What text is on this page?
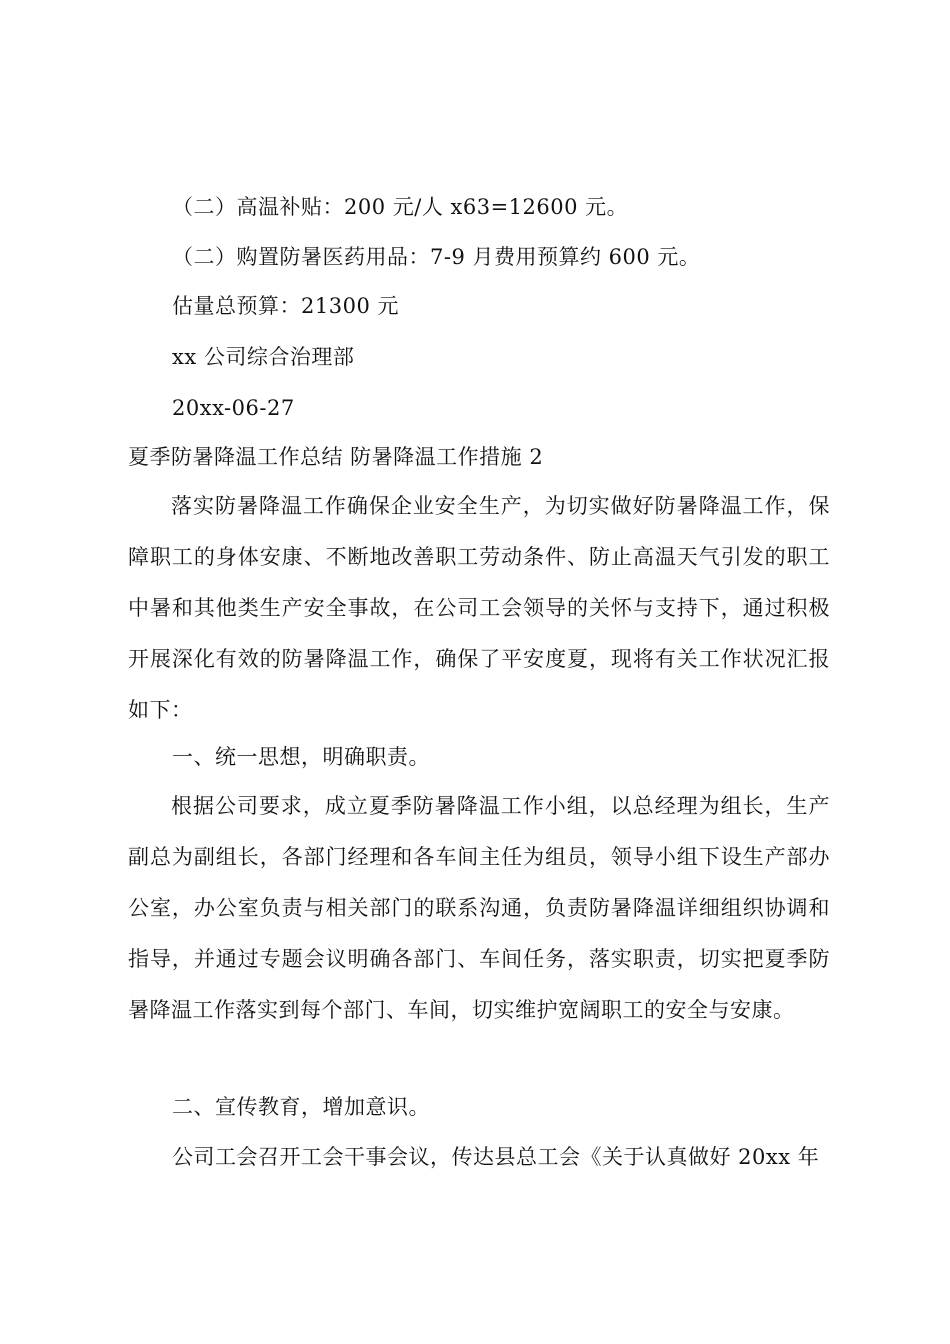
（二）高温补贴：200 元/人 x63=12600 元。
（二）购置防暑医药用品：7-9 月费用预算约 600 元。
估量总预算：21300 元
xx 公司综合治理部
20xx-06-27
夏季防暑降温工作总结 防暑降温工作措施 2
落实防暑降温工作确保企业安全生产，为切实做好防暑降温工作，保障职工的身体安康、不断地改善职工劳动条件、防止高温天气引发的职工中暑和其他类生产安全事故，在公司工会领导的关怀与支持下，通过积极开展深化有效的防暑降温工作，确保了平安度夏，现将有关工作状况汇报如下：
一、统一思想，明确职责。
根据公司要求，成立夏季防暑降温工作小组，以总经理为组长，生产副总为副组长，各部门经理和各车间主任为组员，领导小组下设生产部办公室，办公室负责与相关部门的联系沟通，负责防暑降温详细组织协调和指导，并通过专题会议明确各部门、车间任务，落实职责，切实把夏季防暑降温工作落实到每个部门、车间，切实维护宽阔职工的安全与安康。
二、宣传教育，增加意识。
公司工会召开工会干事会议，传达县总工会《关于认真做好 20xx 年
